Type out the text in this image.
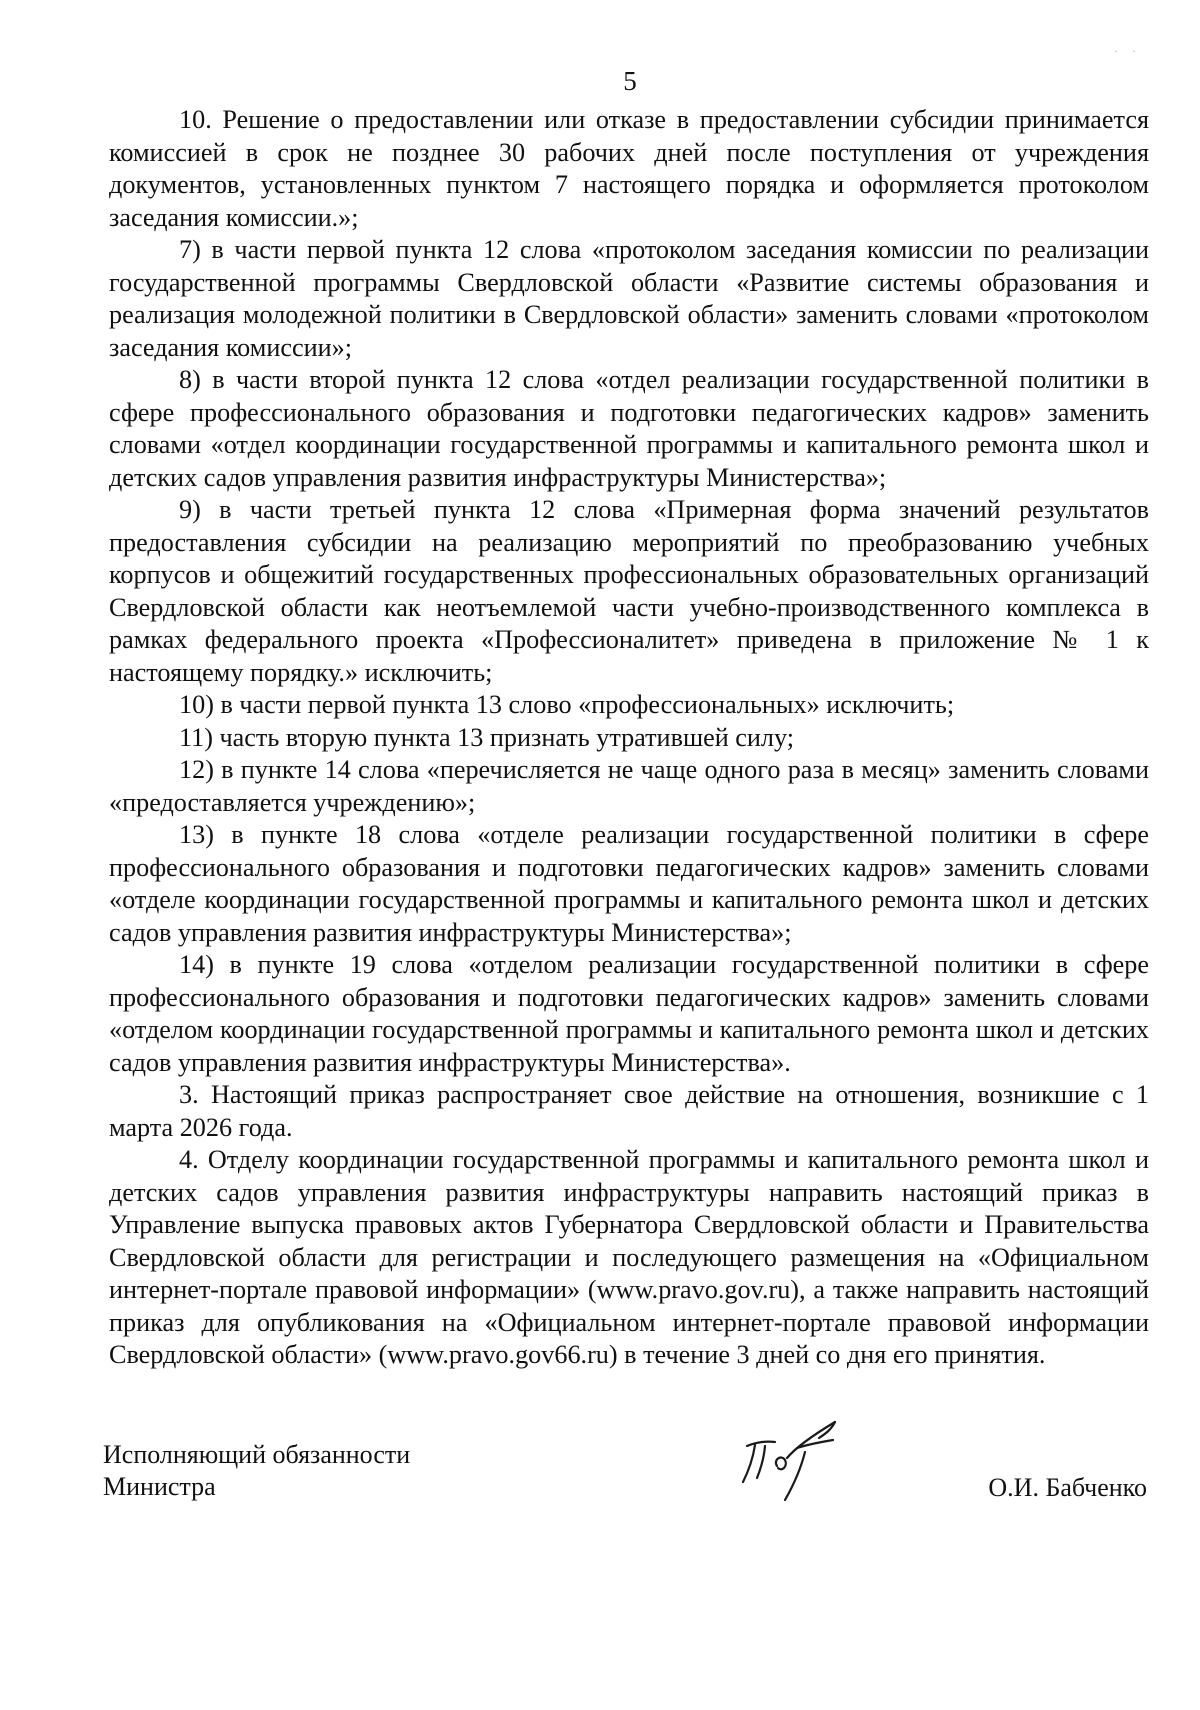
··
5

10. Решение о предоставлении или отказе в предоставлении субсидии принимается комиссией в срок не позднее 30 рабочих дней после поступления от учреждения документов, установленных пунктом 7 настоящего порядка и оформляется протоколом заседания комиссии.»;

7) в части первой пункта 12 слова «протоколом заседания комиссии по реализации государственной программы Свердловской области «Развитие системы образования и реализация молодежной политики в Свердловской области» заменить словами «протоколом заседания комиссии»;

8) в части второй пункта 12 слова «отдел реализации государственной политики в сфере профессионального образования и подготовки педагогических кадров» заменить словами «отдел координации государственной программы и капитального ремонта школ и детских садов управления развития инфраструктуры Министерства»;

9) в части третьей пункта 12 слова «Примерная форма значений результатов предоставления субсидии на реализацию мероприятий по преобразованию учебных корпусов и общежитий государственных профессиональных образовательных организаций Свердловской области как неотъемлемой части учебно-производственного комплекса в рамках федерального проекта «Профессионалитет» приведена в приложение № 1 к настоящему порядку.» исключить;

10) в части первой пункта 13 слово «профессиональных» исключить;

11) часть вторую пункта 13 признать утратившей силу;

12) в пункте 14 слова «перечисляется не чаще одного раза в месяц» заменить словами «предоставляется учреждению»;

13) в пункте 18 слова «отделе реализации государственной политики в сфере профессионального образования и подготовки педагогических кадров» заменить словами «отделе координации государственной программы и капитального ремонта школ и детских садов управления развития инфраструктуры Министерства»;

14) в пункте 19 слова «отделом реализации государственной политики в сфере профессионального образования и подготовки педагогических кадров» заменить словами «отделом координации государственной программы и капитального ремонта школ и детских садов управления развития инфраструктуры Министерства».

3. Настоящий приказ распространяет свое действие на отношения, возникшие с 1 марта 2026 года.

4. Отделу координации государственной программы и капитального ремонта школ и детских садов управления развития инфраструктуры направить настоящий приказ в Управление выпуска правовых актов Губернатора Свердловской области и Правительства Свердловской области для регистрации и последующего размещения на «Официальном интернет-портале правовой информации» (www.pravo.gov.ru), а также направить настоящий приказ для опубликования на «Официальном интернет-портале правовой информации Свердловской области» (www.pravo.gov66.ru) в течение 3 дней со дня его принятия.

Исполняющий обязанности
Министра	О.И. Бабченко
